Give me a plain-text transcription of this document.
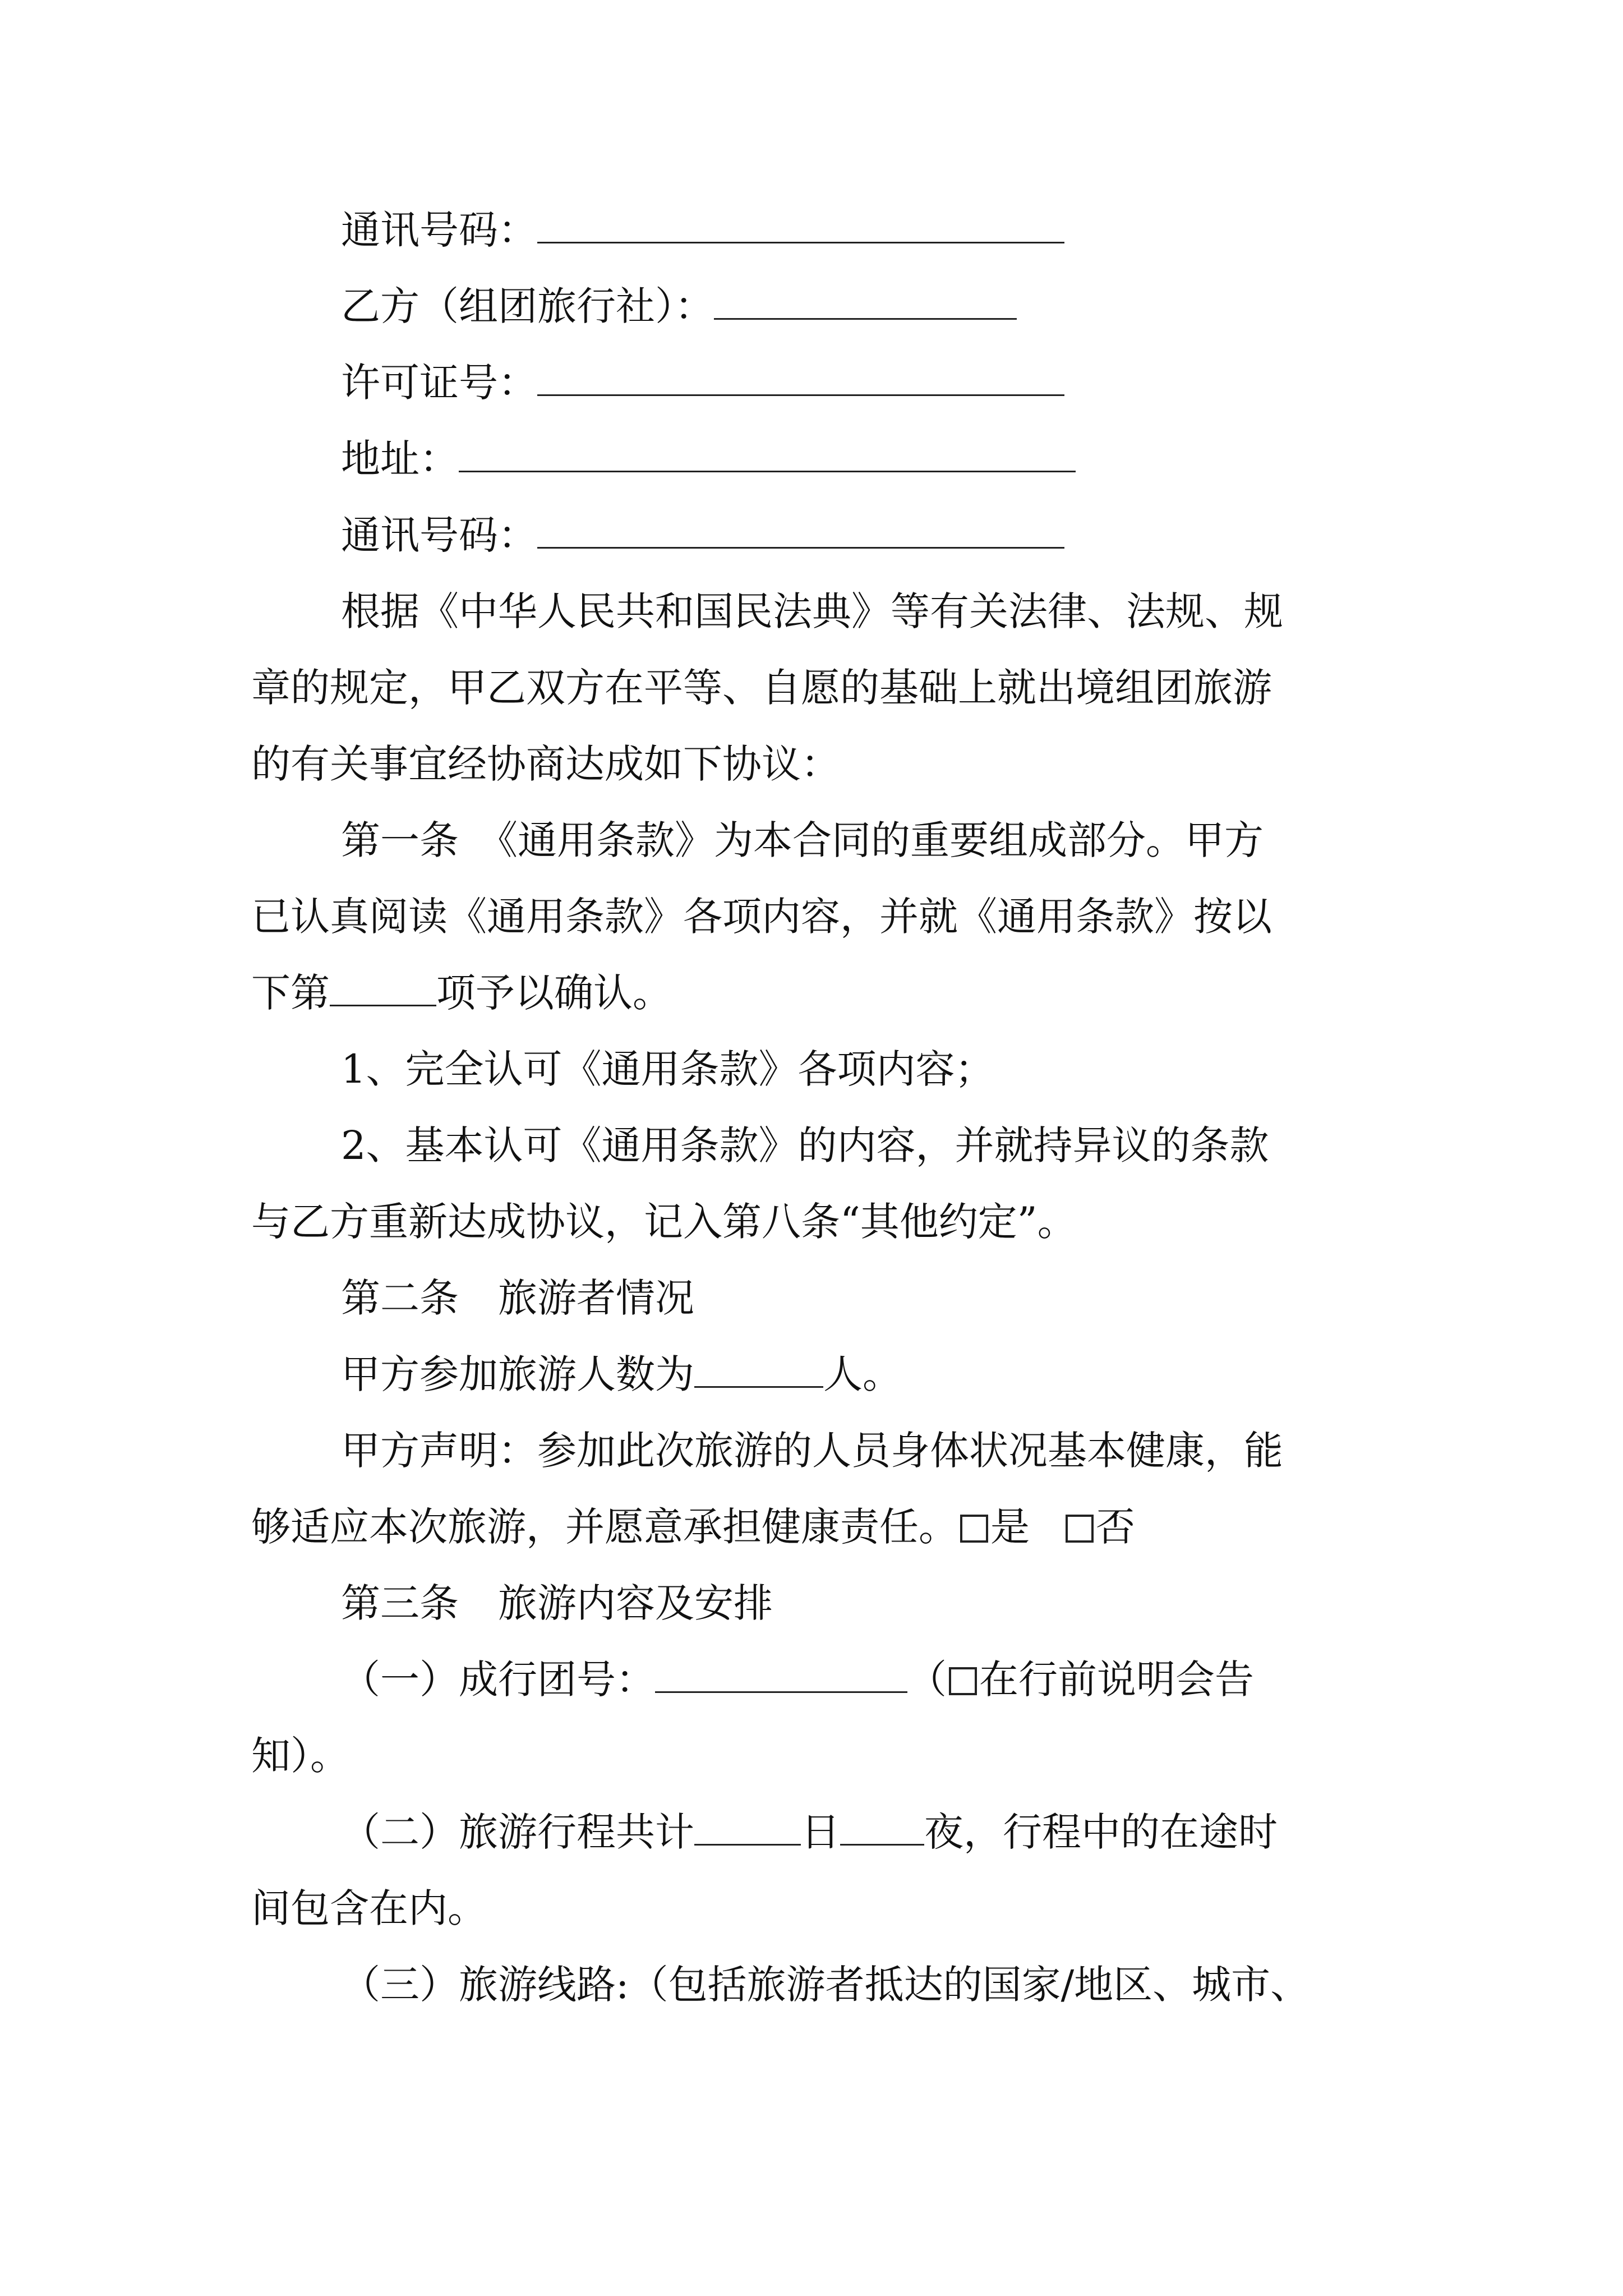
通讯号码：
乙方（组团旅行社）：
许可证号：
地址：
通讯号码：
根据《中华人民共和国民法典》等有关法律、法规、规
章的规定，甲乙双方在平等、自愿的基础上就出境组团旅游
的有关事宜经协商达成如下协议：
第一条　《通用条款》为本合同的重要组成部分。甲方
已认真阅读《通用条款》各项内容，并就《通用条款》按以
下第	项予以确认。
1、完全认可《通用条款》各项内容；
2、基本认可《通用条款》的内容，并就持异议的条款
与乙方重新达成协议，记入第八条“其他约定”。
第二条　旅游者情况
甲方参加旅游人数为	人。
甲方声明：参加此次旅游的人员身体状况基本健康，能
够适应本次旅游，并愿意承担健康责任。 是 否
第三条　旅游内容及安排
（一）成行团号：	（ 在行前说明会告
知）。
（二）旅游行程共计	日 夜，行程中的在途时
间包含在内。
（三）旅游线路:（包括旅游者抵达的国家/地区、城市、
